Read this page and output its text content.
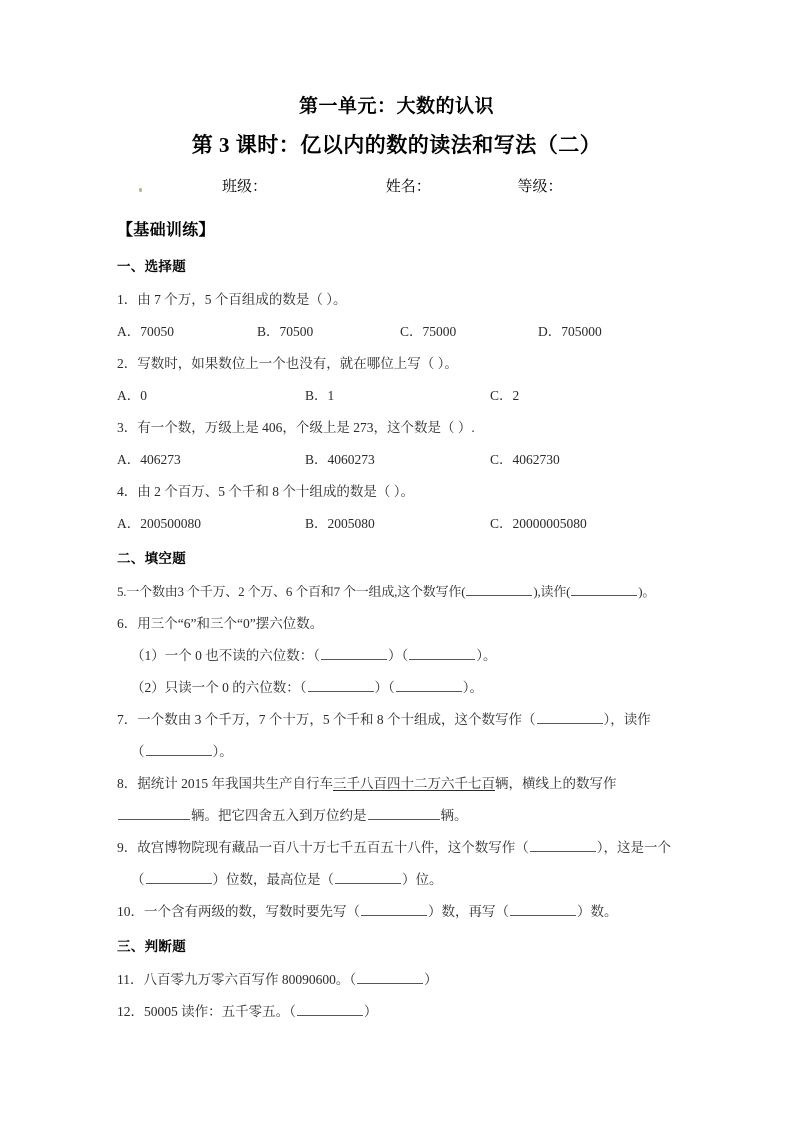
第一单元：大数的认识
第 3 课时：亿以内的数的读法和写法（二）
班级：	姓名：	等级：
【基础训练】
一、选择题
1．由 7 个万，5 个百组成的数是（ ）。
A．70050	B．70500	C．75000	D．705000
2．写数时，如果数位上一个也没有，就在哪位上写（ ）。
A．0	B．1	C．2
3．有一个数，万级上是 406，个级上是 273，这个数是（ ）.
A．406273	B．4060273	C．4062730
4．由 2 个百万、5 个千和 8 个十组成的数是（ ）。
A．200500080	B．2005080	C．20000005080
二、填空题
5.一个数由3 个千万、2 个万、6 个百和7 个一组成,这个数写作(	),读作(	)。
6．用三个“6”和三个“0”摆六位数。
（1）一个 0 也不读的六位数：（	）（	）。
（2）只读一个 0 的六位数：（	）（	）。
7．一个数由 3 个千万，7 个十万，5 个千和 8 个十组成，这个数写作（	），读作
（	）。
8．据统计 2015 年我国共生产自行车三千八百四十二万六千七百辆，横线上的数写作
辆。把它四舍五入到万位约是	辆。
9．故宫博物院现有藏品一百八十万七千五百五十八件，这个数写作（	），这是一个
（	）位数，最高位是（	）位。
10．一个含有两级的数，写数时要先写（	）数，再写（	）数。
三、判断题
11．八百零九万零六百写作 80090600。（	）
12．50005 读作：五千零五。（	）
